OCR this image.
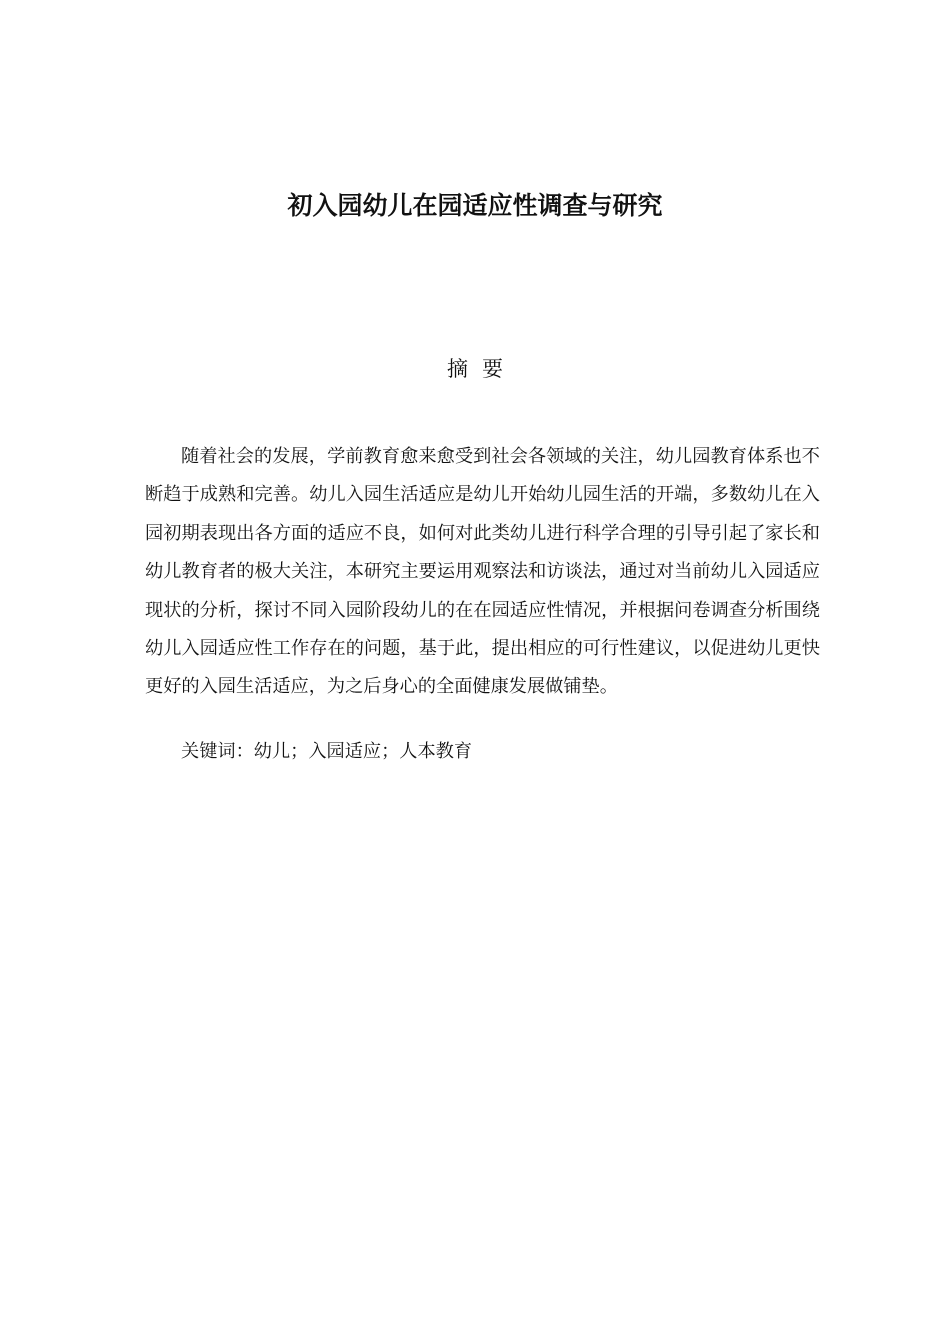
初入园幼儿在园适应性调查与研究
摘 要
随着社会的发展，学前教育愈来愈受到社会各领域的关注，幼儿园教育体系也不断趋于成熟和完善。幼儿入园生活适应是幼儿开始幼儿园生活的开端，多数幼儿在入园初期表现出各方面的适应不良，如何对此类幼儿进行科学合理的引导引起了家长和幼儿教育者的极大关注，本研究主要运用观察法和访谈法，通过对当前幼儿入园适应现状的分析，探讨不同入园阶段幼儿的在在园适应性情况，并根据问卷调查分析围绕幼儿入园适应性工作存在的问题，基于此，提出相应的可行性建议，以促进幼儿更快更好的入园生活适应，为之后身心的全面健康发展做铺垫。
关键词：幼儿；入园适应；人本教育
